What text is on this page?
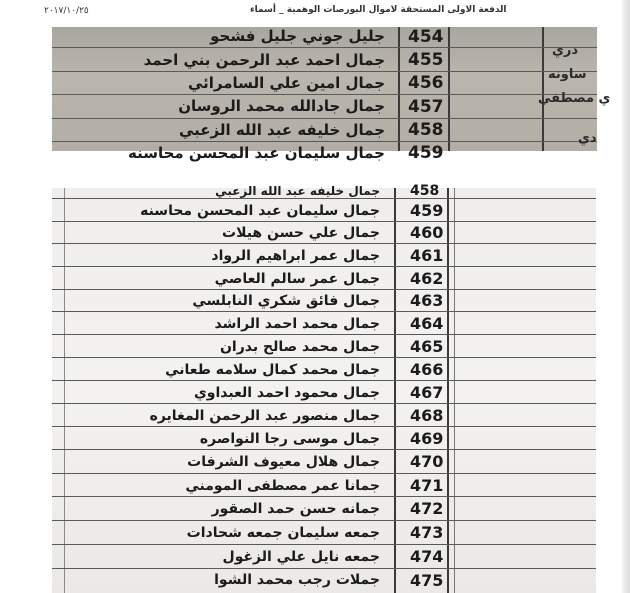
٢٠١٧/١٠/٢٥	الدفعة الاولى المستحقة لاموال البورصات الوهمية _ أسماء
454
جليل جوني جليل فشحو
455
جمال احمد عبد الرحمن بني احمد
456
جمال امين علي السامرائي
457
جمال جادالله محمد الروسان
458
جمال خليفه عبد الله الزعبي
459
جمال سليمان عبد المحسن محاسنه
دري
ساونه
ي مصطفي
دي
458
جمال خليفه عبد الله الزعبي
459
جمال سليمان عبد المحسن محاسنه
460
جمال علي حسن هيلات
461
جمال عمر ابراهيم الرواد
462
جمال عمر سالم العاصي
463
جمال فائق شكري النابلسي
464
جمال محمد احمد الراشد
465
جمال محمد صالح بدران
466
جمال محمد كمال سلامه طعاني
467
جمال محمود احمد العبداوي
468
جمال منصور عبد الرحمن المغايره
469
جمال موسى رجا النواصره
470
جمال هلال معيوف الشرفات
471
جمانا عمر مصطفى المومني
472
جمانه حسن حمد الصقور
473
جمعه سليمان جمعه شحادات
474
جمعه نايل علي الزغول
475
جملات رجب محمد الشوا
